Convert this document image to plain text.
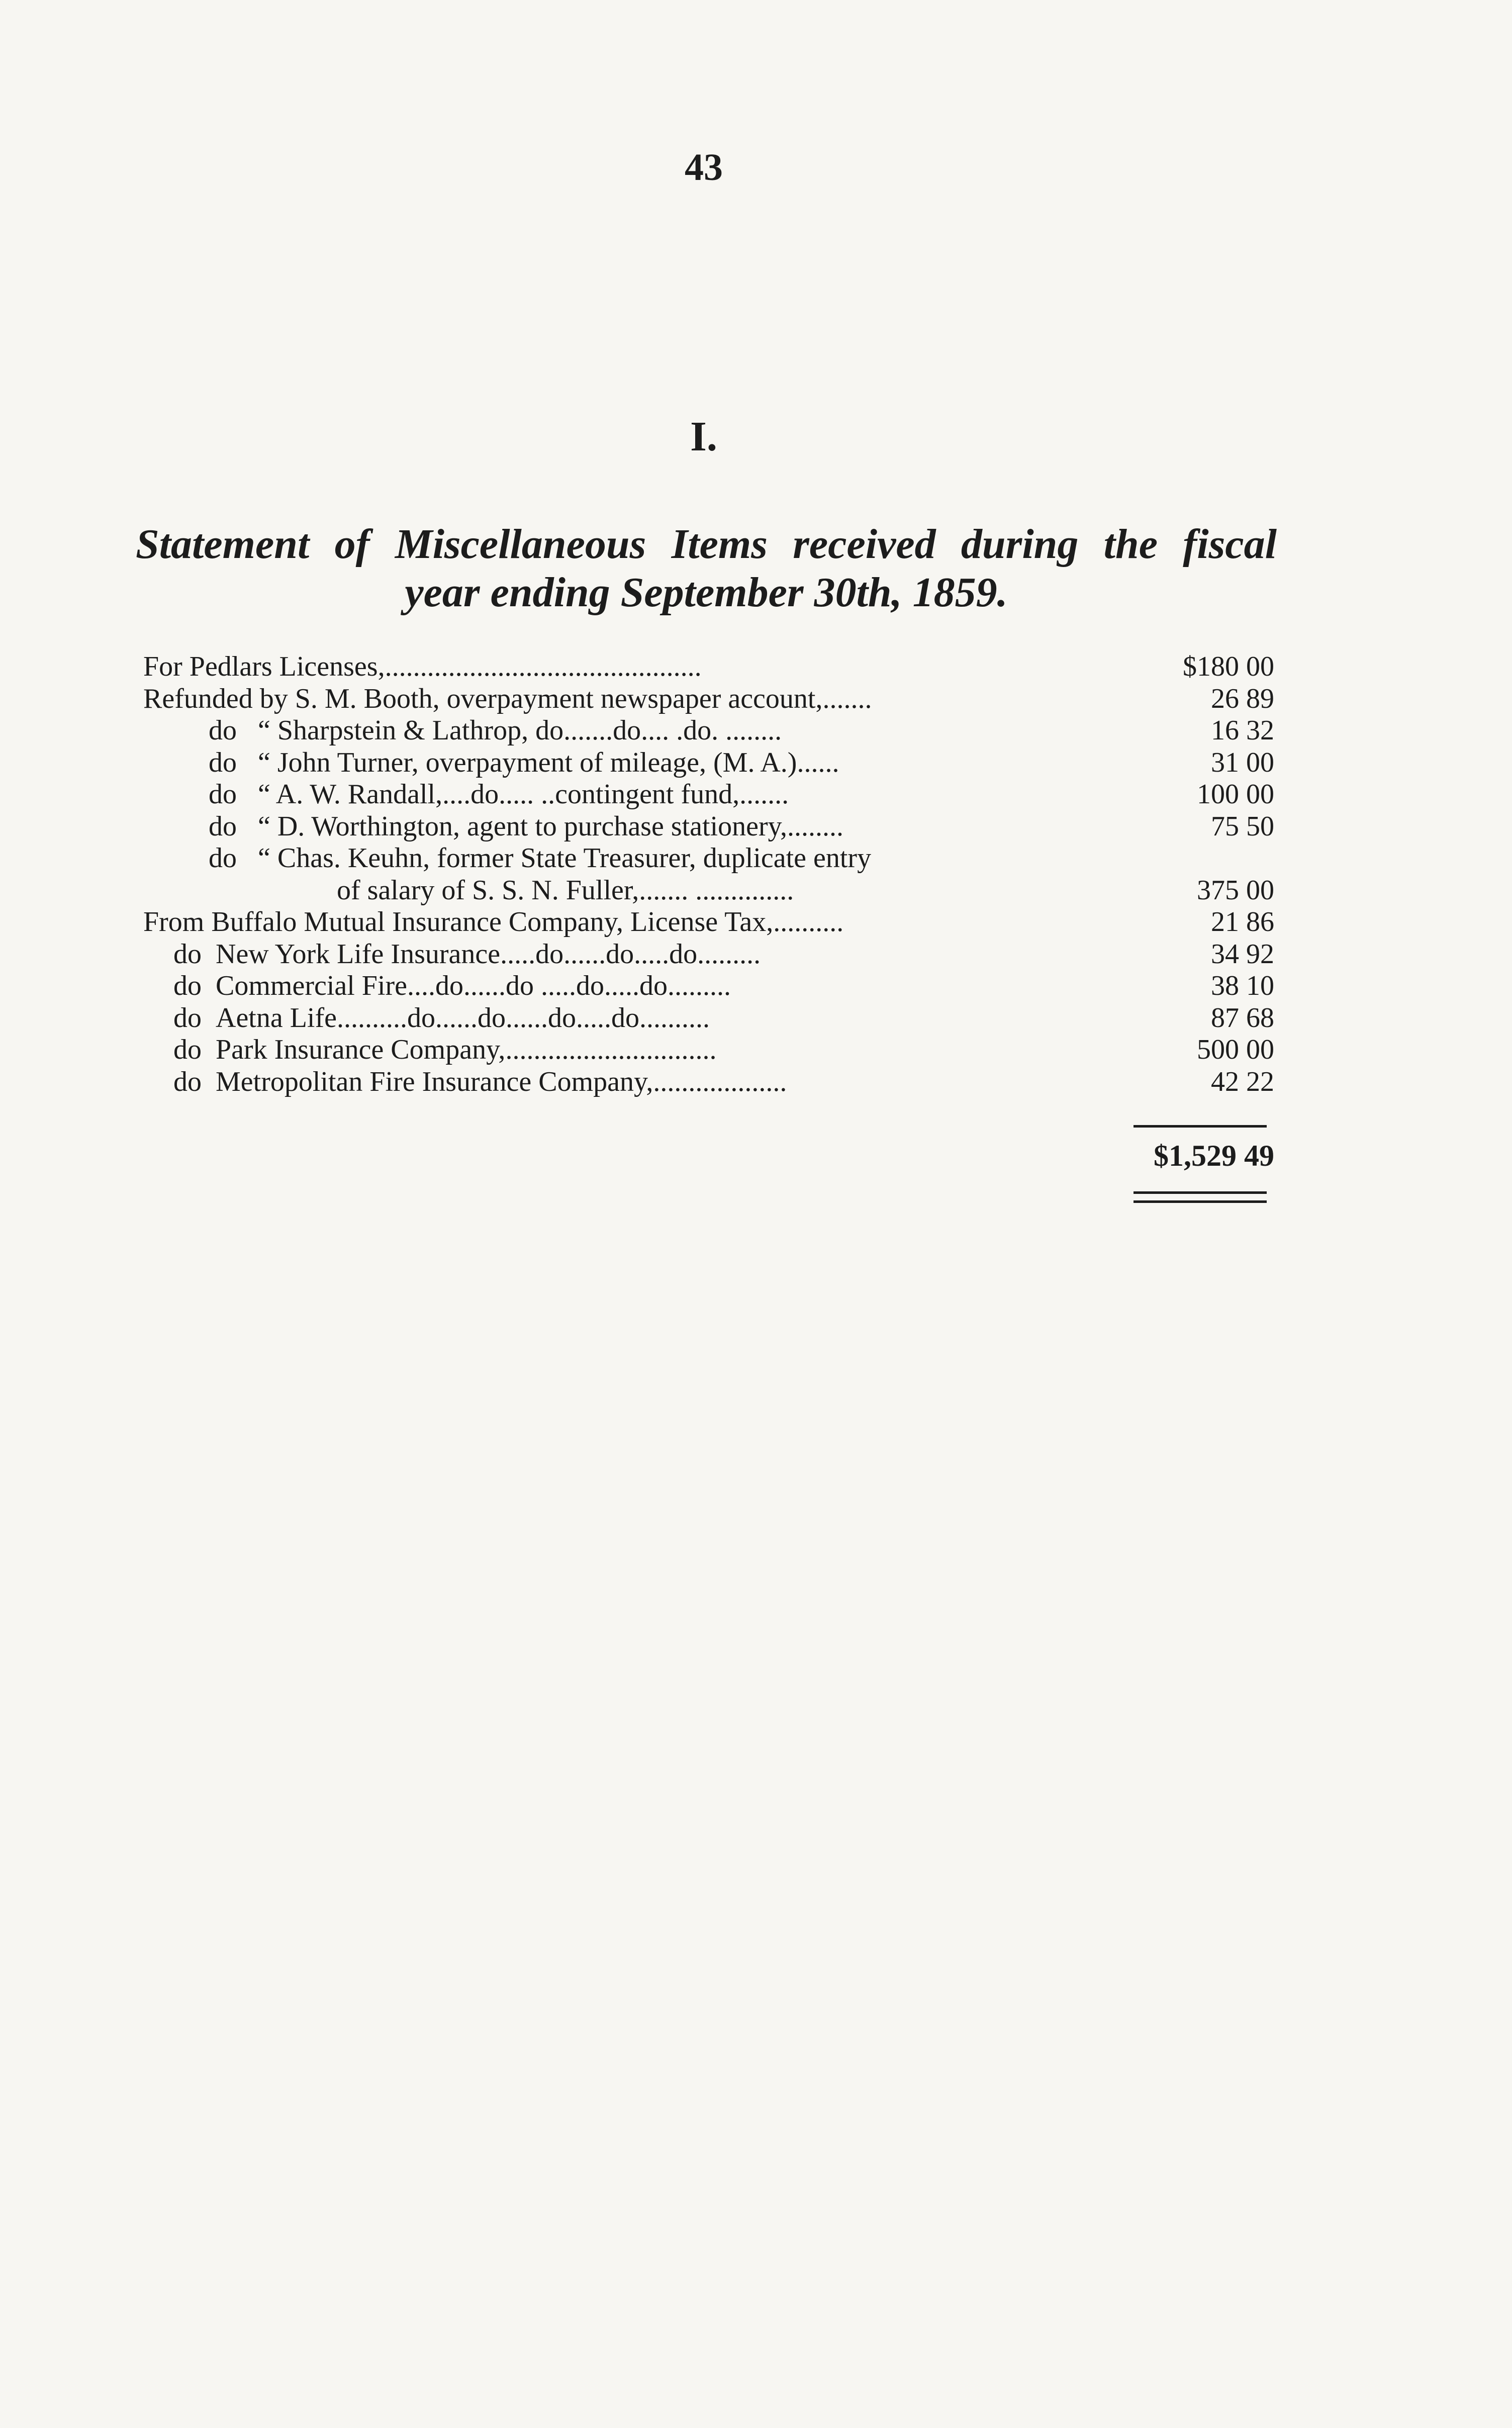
43
I.
Statement of Miscellaneous Items received during the fiscal
year ending September 30th, 1859.
For Pedlars Licenses,.............................................	$180 00
Refunded by S. M. Booth, overpayment newspaper account,.......	26 89
do “ Sharpstein & Lathrop, do.......do.... .do. ........	16 32
do “ John Turner, overpayment of mileage, (M. A.)......	31 00
do “ A. W. Randall,....do..... ..contingent fund,.......	100 00
do “ D. Worthington, agent to purchase stationery,........	75 50
do “ Chas. Keuhn, former State Treasurer, duplicate entry
of salary of S. S. N. Fuller,....... ..............	375 00
From Buffalo Mutual Insurance Company, License Tax,..........	21 86
do New York Life Insurance.....do......do.....do.........	34 92
do Commercial Fire....do......do .....do.....do.........	38 10
do Aetna Life..........do......do......do.....do..........	87 68
do Park Insurance Company,..............................	500 00
do Metropolitan Fire Insurance Company,...................	42 22
$1,529 49
